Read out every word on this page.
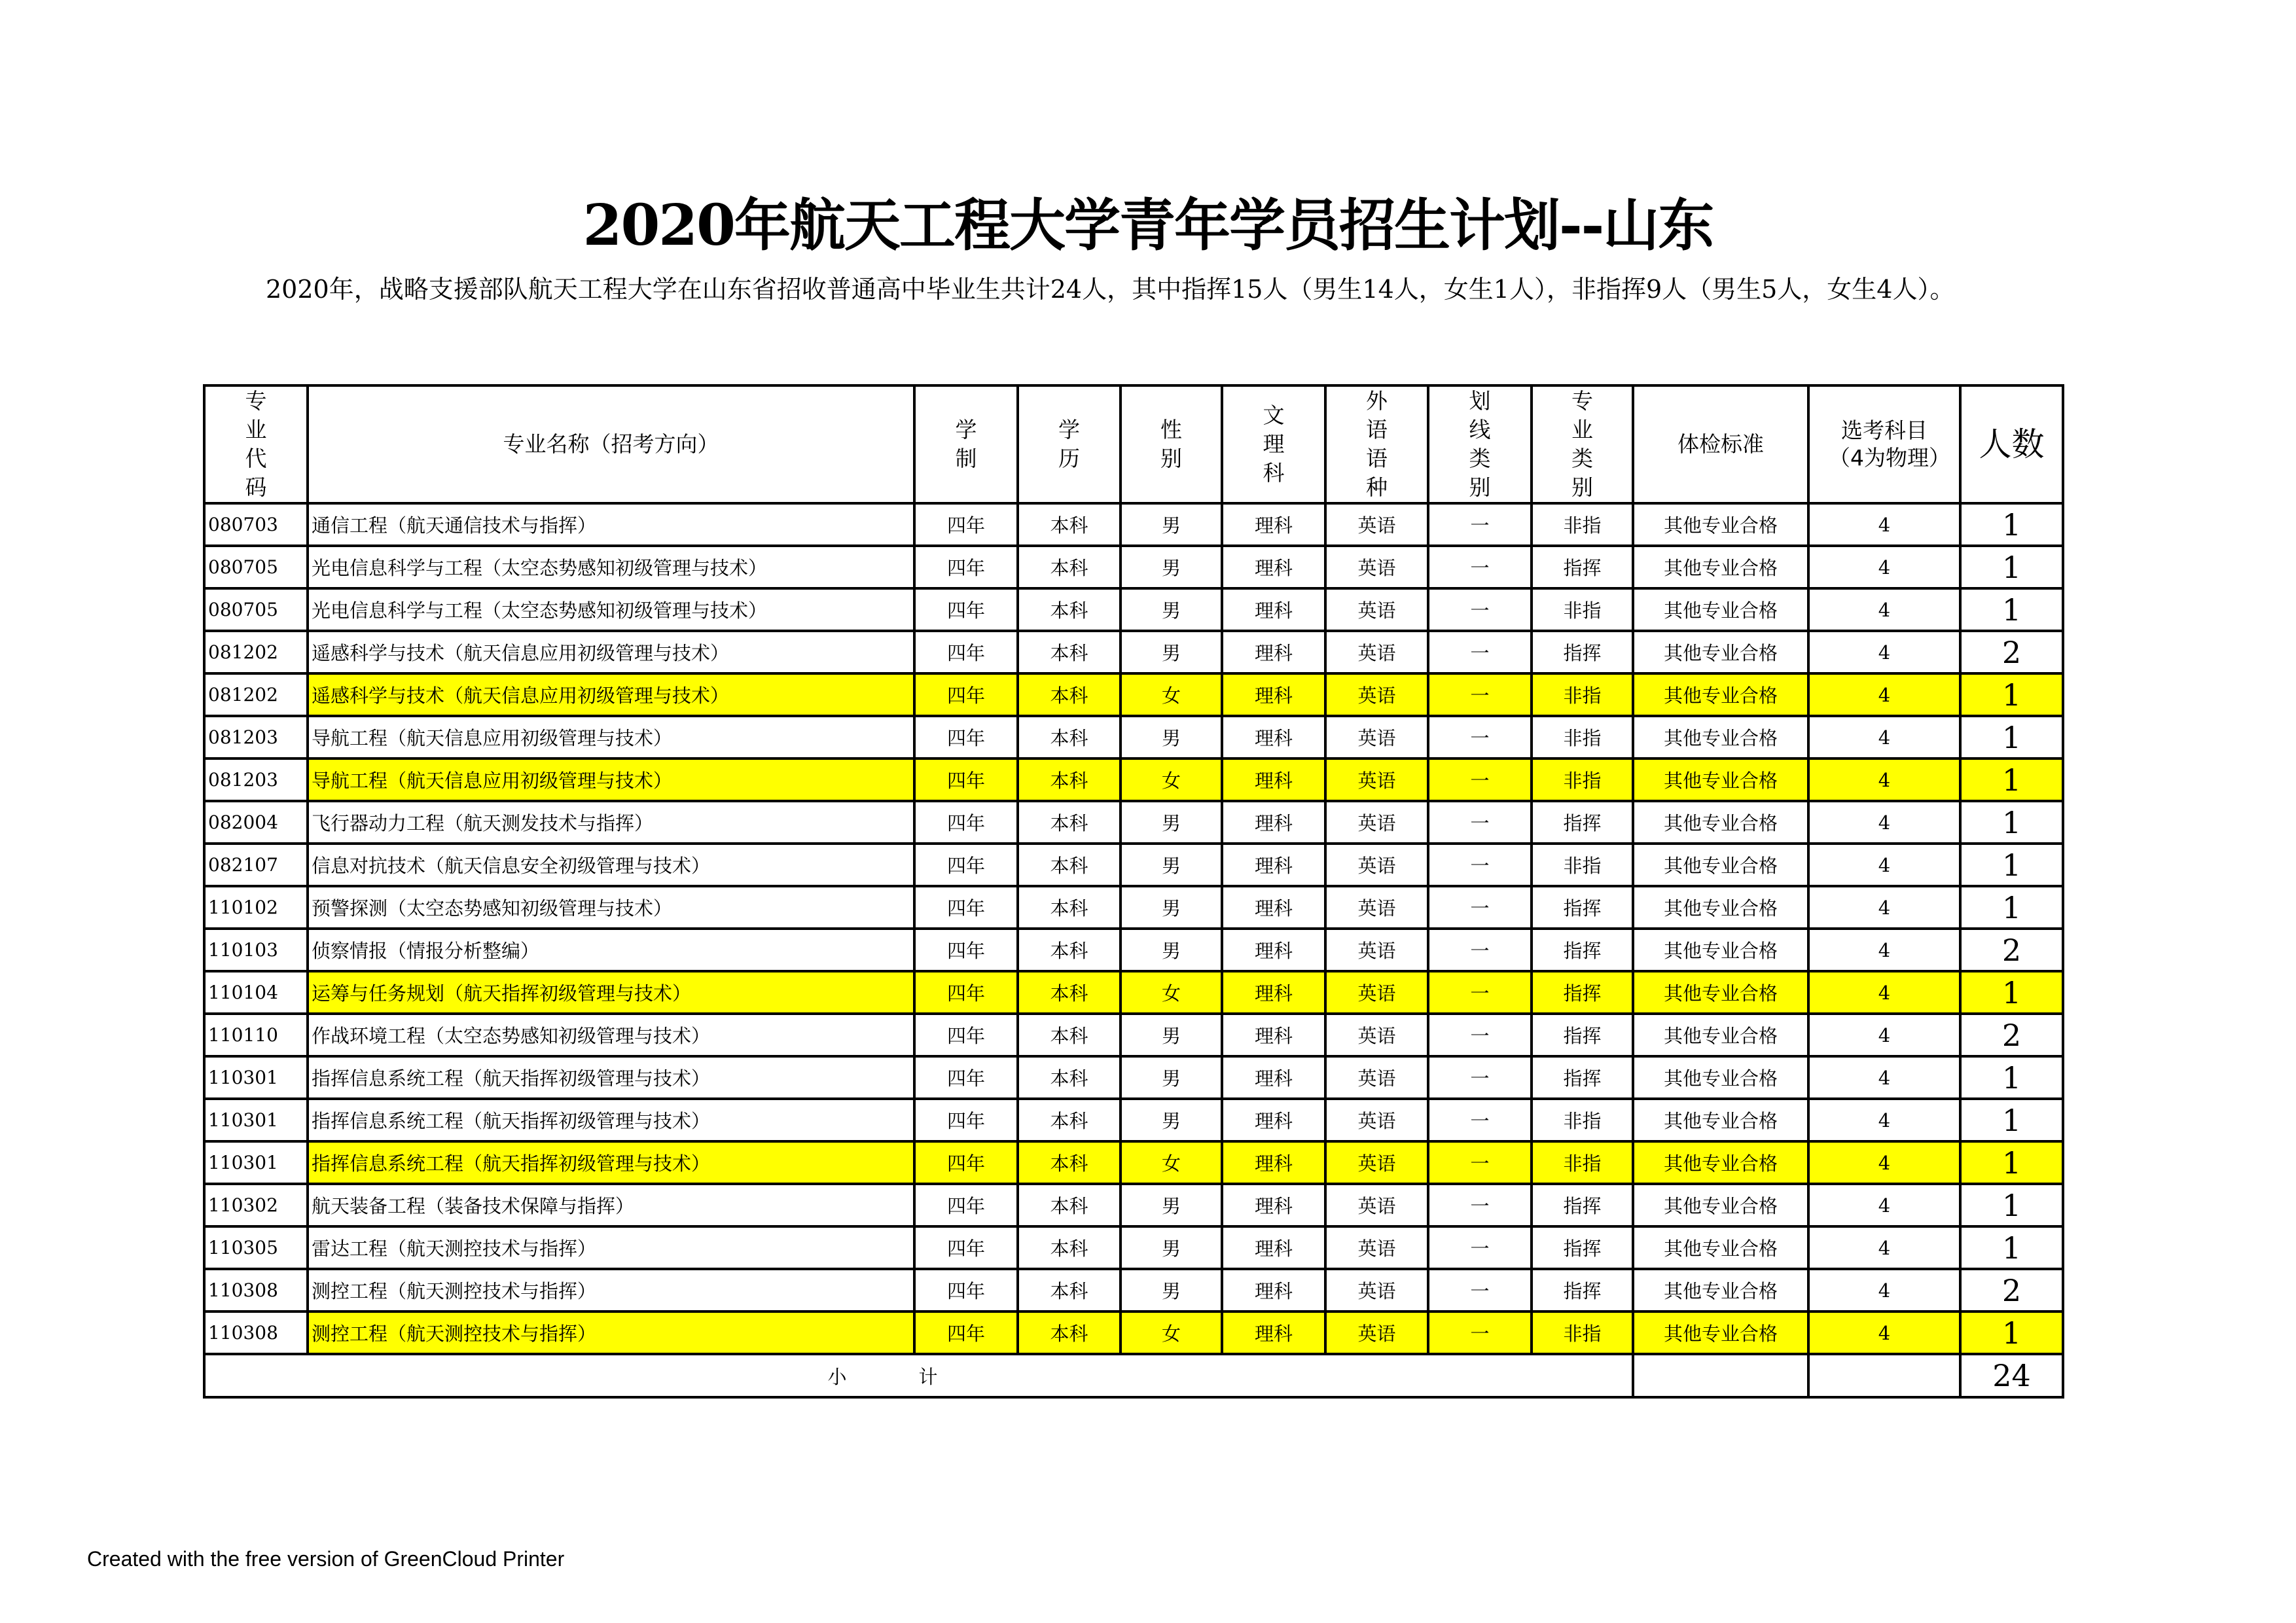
2020年航天工程大学青年学员招生计划--山东
2020年，战略支援部队航天工程大学在山东省招收普通高中毕业生共计24人，其中指挥15人（男生14人，女生1人），非指挥9人（男生5人，女生4人）。
专业代码	专业名称（招考方向）	学制	学历	性别	文理科	外语语种	划线类别	专业类别	体检标准	选考科目（4为物理）	人数
080703	通信工程（航天通信技术与指挥）	四年	本科	男	理科	英语	一	非指	其他专业合格	4	1
080705	光电信息科学与工程（太空态势感知初级管理与技术）	四年	本科	男	理科	英语	一	指挥	其他专业合格	4	1
080705	光电信息科学与工程（太空态势感知初级管理与技术）	四年	本科	男	理科	英语	一	非指	其他专业合格	4	1
081202	遥感科学与技术（航天信息应用初级管理与技术）	四年	本科	男	理科	英语	一	指挥	其他专业合格	4	2
081202	遥感科学与技术（航天信息应用初级管理与技术）	四年	本科	女	理科	英语	一	非指	其他专业合格	4	1
081203	导航工程（航天信息应用初级管理与技术）	四年	本科	男	理科	英语	一	非指	其他专业合格	4	1
081203	导航工程（航天信息应用初级管理与技术）	四年	本科	女	理科	英语	一	非指	其他专业合格	4	1
082004	飞行器动力工程（航天测发技术与指挥）	四年	本科	男	理科	英语	一	指挥	其他专业合格	4	1
082107	信息对抗技术（航天信息安全初级管理与技术）	四年	本科	男	理科	英语	一	非指	其他专业合格	4	1
110102	预警探测（太空态势感知初级管理与技术）	四年	本科	男	理科	英语	一	指挥	其他专业合格	4	1
110103	侦察情报（情报分析整编）	四年	本科	男	理科	英语	一	指挥	其他专业合格	4	2
110104	运筹与任务规划（航天指挥初级管理与技术）	四年	本科	女	理科	英语	一	指挥	其他专业合格	4	1
110110	作战环境工程（太空态势感知初级管理与技术）	四年	本科	男	理科	英语	一	指挥	其他专业合格	4	2
110301	指挥信息系统工程（航天指挥初级管理与技术）	四年	本科	男	理科	英语	一	指挥	其他专业合格	4	1
110301	指挥信息系统工程（航天指挥初级管理与技术）	四年	本科	男	理科	英语	一	非指	其他专业合格	4	1
110301	指挥信息系统工程（航天指挥初级管理与技术）	四年	本科	女	理科	英语	一	非指	其他专业合格	4	1
110302	航天装备工程（装备技术保障与指挥）	四年	本科	男	理科	英语	一	指挥	其他专业合格	4	1
110305	雷达工程（航天测控技术与指挥）	四年	本科	男	理科	英语	一	指挥	其他专业合格	4	1
110308	测控工程（航天测控技术与指挥）	四年	本科	男	理科	英语	一	指挥	其他专业合格	4	2
110308	测控工程（航天测控技术与指挥）	四年	本科	女	理科	英语	一	非指	其他专业合格	4	1
小计											24
Created with the free version of GreenCloud Printer
